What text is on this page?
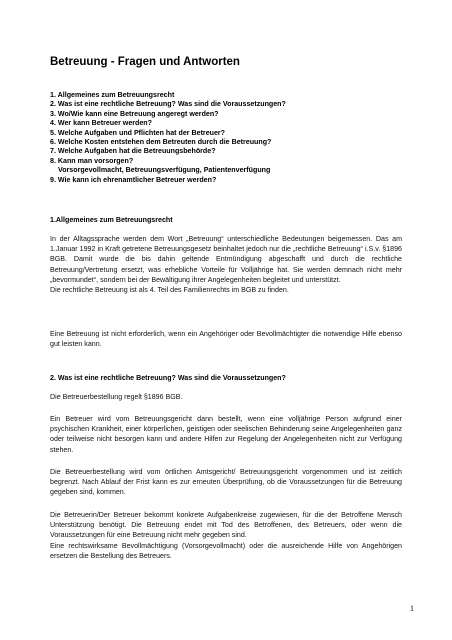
Betreuung - Fragen und Antworten
1. Allgemeines zum Betreuungsrecht
2. Was ist eine rechtliche Betreuung? Was sind die Voraussetzungen?
3. Wo/Wie kann eine Betreuung angeregt werden?
4. Wer kann Betreuer werden?
5. Welche Aufgaben und Pflichten hat der Betreuer?
6. Welche Kosten entstehen dem Betreuten durch die Betreuung?
7. Welche Aufgaben hat die Betreuungsbehörde?
8. Kann man vorsorgen?
Vorsorgevollmacht, Betreuungsverfügung, Patientenverfügung
9. Wie kann ich ehrenamtlicher Betreuer werden?
1.Allgemeines zum Betreuungsrecht

In der Alltagssprache werden dem Wort „Betreuung“ unterschiedliche Bedeutungen beigemessen. Das am 1.Januar 1992 in Kraft getretene Betreuungsgesetz beinhaltet jedoch nur die „rechtliche Betreuung“ i.S.v. §1896 BGB. Damit wurde die bis dahin geltende Entmündigung abgeschafft und durch die rechtliche Betreuung/Vertretung ersetzt, was erhebliche Vorteile für Volljährige hat. Sie werden demnach nicht mehr „bevormundet“, sondern bei der Bewältigung ihrer Angelegenheiten begleitet und unterstützt.
Die rechtliche Betreuung ist als 4. Teil des Familienrechts im BGB zu finden.

Eine Betreuung ist nicht erforderlich, wenn ein Angehöriger oder Bevollmächtigter die notwendige Hilfe ebenso gut leisten kann.

2. Was ist eine rechtliche Betreuung? Was sind die Voraussetzungen?

Die Betreuerbestellung regelt §1896 BGB.

Ein Betreuer wird vom Betreuungsgericht dann bestellt, wenn eine volljährige Person aufgrund einer psychischen Krankheit, einer körperlichen, geistigen oder seelischen Behinderung seine Angelegenheiten ganz oder teilweise nicht besorgen kann und andere Hilfen zur Regelung der Angelegenheiten nicht zur Verfügung stehen.

Die Betreuerbestellung wird vom örtlichen Amtsgericht/ Betreuungsgericht vorgenommen und ist zeitlich begrenzt. Nach Ablauf der Frist kann es zur erneuten Überprüfung, ob die Voraussetzungen für die Betreuung gegeben sind, kommen.

Die Betreuerin/Der Betreuer bekommt konkrete Aufgabenkreise zugewiesen, für die der Betroffene Mensch Unterstützung benötigt. Die Betreuung endet mit Tod des Betroffenen, des Betreuers, oder wenn die Voraussetzungen für eine Betreuung nicht mehr gegeben sind.
Eine rechtswirksame Bevollmächtigung (Vorsorgevollmacht) oder die ausreichende Hilfe von Angehörigen ersetzen die Bestellung des Betreuers.

1
